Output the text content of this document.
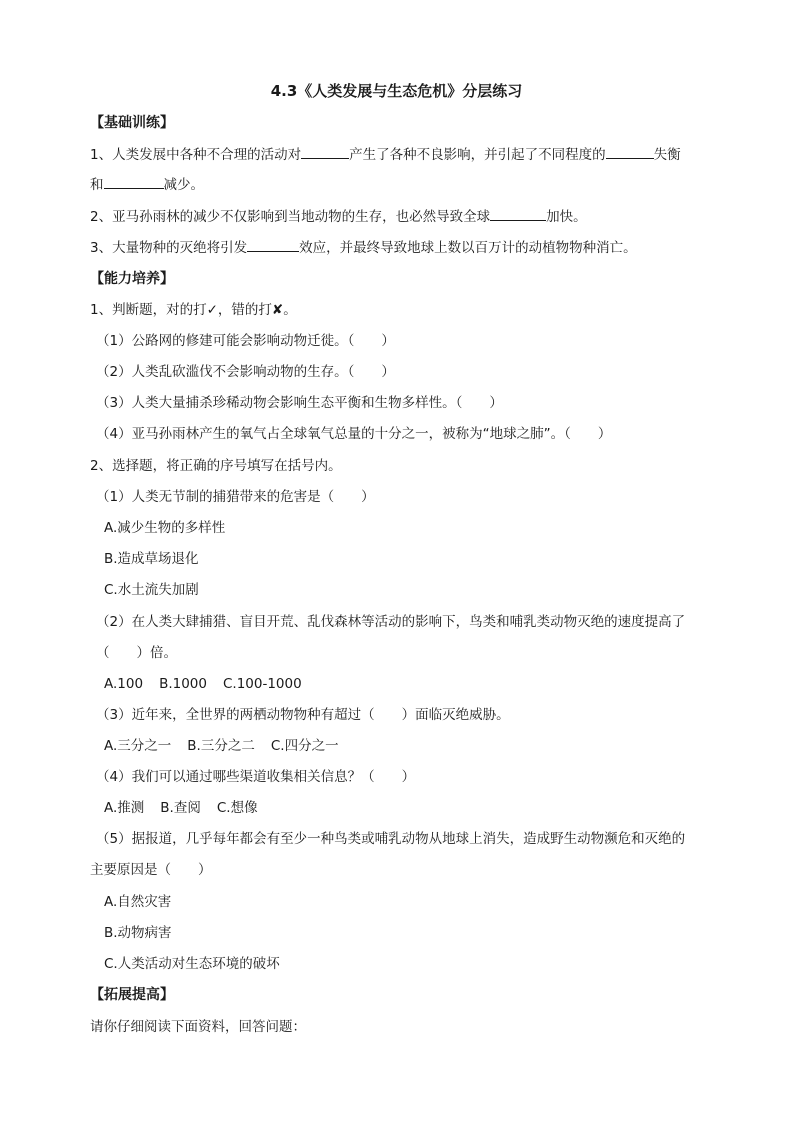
4.3《人类发展与生态危机》分层练习
【基础训练】
1、人类发展中各种不合理的活动对	产生了各种不良影响，并引起了不同程度的	失衡
和	减少。
2、亚马孙雨林的减少不仅影响到当地动物的生存，也必然导致全球	加快。
3、大量物种的灭绝将引发	效应，并最终导致地球上数以百万计的动植物物种消亡。
【能力培养】
1、判断题，对的打✓，错的打✘。
（1）公路网的修建可能会影响动物迁徙。（　　）
（2）人类乱砍滥伐不会影响动物的生存。（　　）
（3）人类大量捕杀珍稀动物会影响生态平衡和生物多样性。（　　）
（4）亚马孙雨林产生的氧气占全球氧气总量的十分之一，被称为“地球之肺”。（　　）
2、选择题，将正确的序号填写在括号内。
（1）人类无节制的捕猎带来的危害是（　　）
A.减少生物的多样性
B.造成草场退化
C.水土流失加剧
（2）在人类大肆捕猎、盲目开荒、乱伐森林等活动的影响下，鸟类和哺乳类动物灭绝的速度提高了
（　　）倍。
A.100 B.1000 C.100-1000
（3）近年来，全世界的两栖动物物种有超过（　　）面临灭绝威胁。
A.三分之一 B.三分之二 C.四分之一
（4）我们可以通过哪些渠道收集相关信息？（　　）
A.推测 B.查阅 C.想像
（5）据报道，几乎每年都会有至少一种鸟类或哺乳动物从地球上消失，造成野生动物濒危和灭绝的
主要原因是（　　）
A.自然灾害
B.动物病害
C.人类活动对生态环境的破坏
【拓展提高】
请你仔细阅读下面资料，回答问题：
